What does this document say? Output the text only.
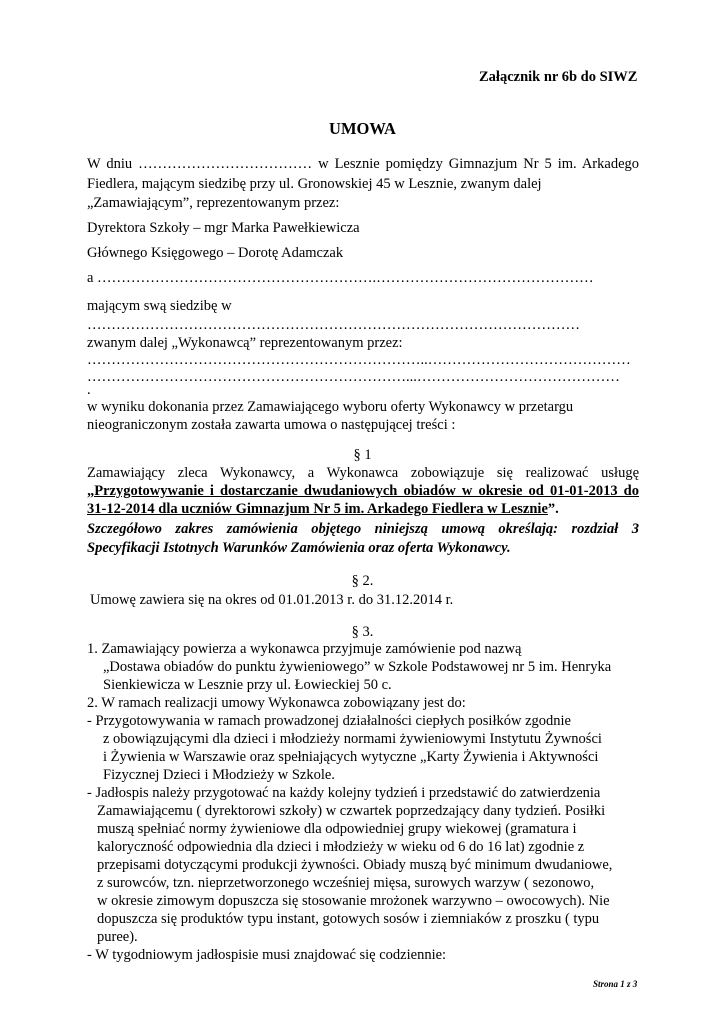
Załącznik nr 6b do SIWZ
UMOWA
W dniu ……………………………… w Lesznie pomiędzy Gimnazjum Nr 5 im. Arkadego
Fiedlera, mającym siedzibę przy ul. Gronowskiej 45 w Lesznie, zwanym dalej
„Zamawiającym”, reprezentowanym przez:
Dyrektora Szkoły – mgr Marka Pawełkiewicza
Głównego Księgowego – Dorotę Adamczak
a ………………………………………………….………………………………………
mającym swą siedzibę w
…………………………………………………………………………………………
zwanym dalej „Wykonawcą” reprezentowanym przez:
……………………………………………………………..……………………………………
…………………………………………………………...……………………………………
.
w wyniku dokonania przez Zamawiającego wyboru oferty Wykonawcy w przetargu
nieograniczonym została zawarta umowa o następującej treści :
§ 1
Zamawiający zleca Wykonawcy, a Wykonawca zobowiązuje się realizować usługę
„Przygotowywanie i dostarczanie dwudaniowych obiadów w okresie od 01-01-2013 do
31-12-2014 dla uczniów Gimnazjum Nr 5 im. Arkadego Fiedlera w Lesznie”.
Szczegółowo zakres zamówienia objętego niniejszą umową określają: rozdział 3
Specyfikacji Istotnych Warunków Zamówienia oraz oferta Wykonawcy.
§ 2.
Umowę zawiera się na okres od 01.01.2013 r. do 31.12.2014 r.
§ 3.
1. Zamawiający powierza a wykonawca przyjmuje zamówienie pod nazwą
„Dostawa obiadów do punktu żywieniowego” w Szkole Podstawowej nr 5 im. Henryka
Sienkiewicza w Lesznie przy ul. Łowieckiej 50 c.
2. W ramach realizacji umowy Wykonawca zobowiązany jest do:
- Przygotowywania w ramach prowadzonej działalności ciepłych posiłków zgodnie
z obowiązującymi dla dzieci i młodzieży normami żywieniowymi Instytutu Żywności
i Żywienia w Warszawie oraz spełniających wytyczne „Karty Żywienia i Aktywności
Fizycznej Dzieci i Młodzieży w Szkole.
- Jadłospis należy przygotować na każdy kolejny tydzień i przedstawić do zatwierdzenia
Zamawiającemu ( dyrektorowi szkoły) w czwartek poprzedzający dany tydzień. Posiłki
muszą spełniać normy żywieniowe dla odpowiedniej grupy wiekowej (gramatura i
kaloryczność odpowiednia dla dzieci i młodzieży w wieku od 6 do 16 lat) zgodnie z
przepisami dotyczącymi produkcji żywności. Obiady muszą być minimum dwudaniowe,
z surowców, tzn. nieprzetworzonego wcześniej mięsa, surowych warzyw ( sezonowo,
w okresie zimowym dopuszcza się stosowanie mrożonek warzywno – owocowych). Nie
dopuszcza się produktów typu instant, gotowych sosów i ziemniaków z proszku ( typu
puree).
- W tygodniowym jadłospisie musi znajdować się codziennie:
Strona 1 z 3
